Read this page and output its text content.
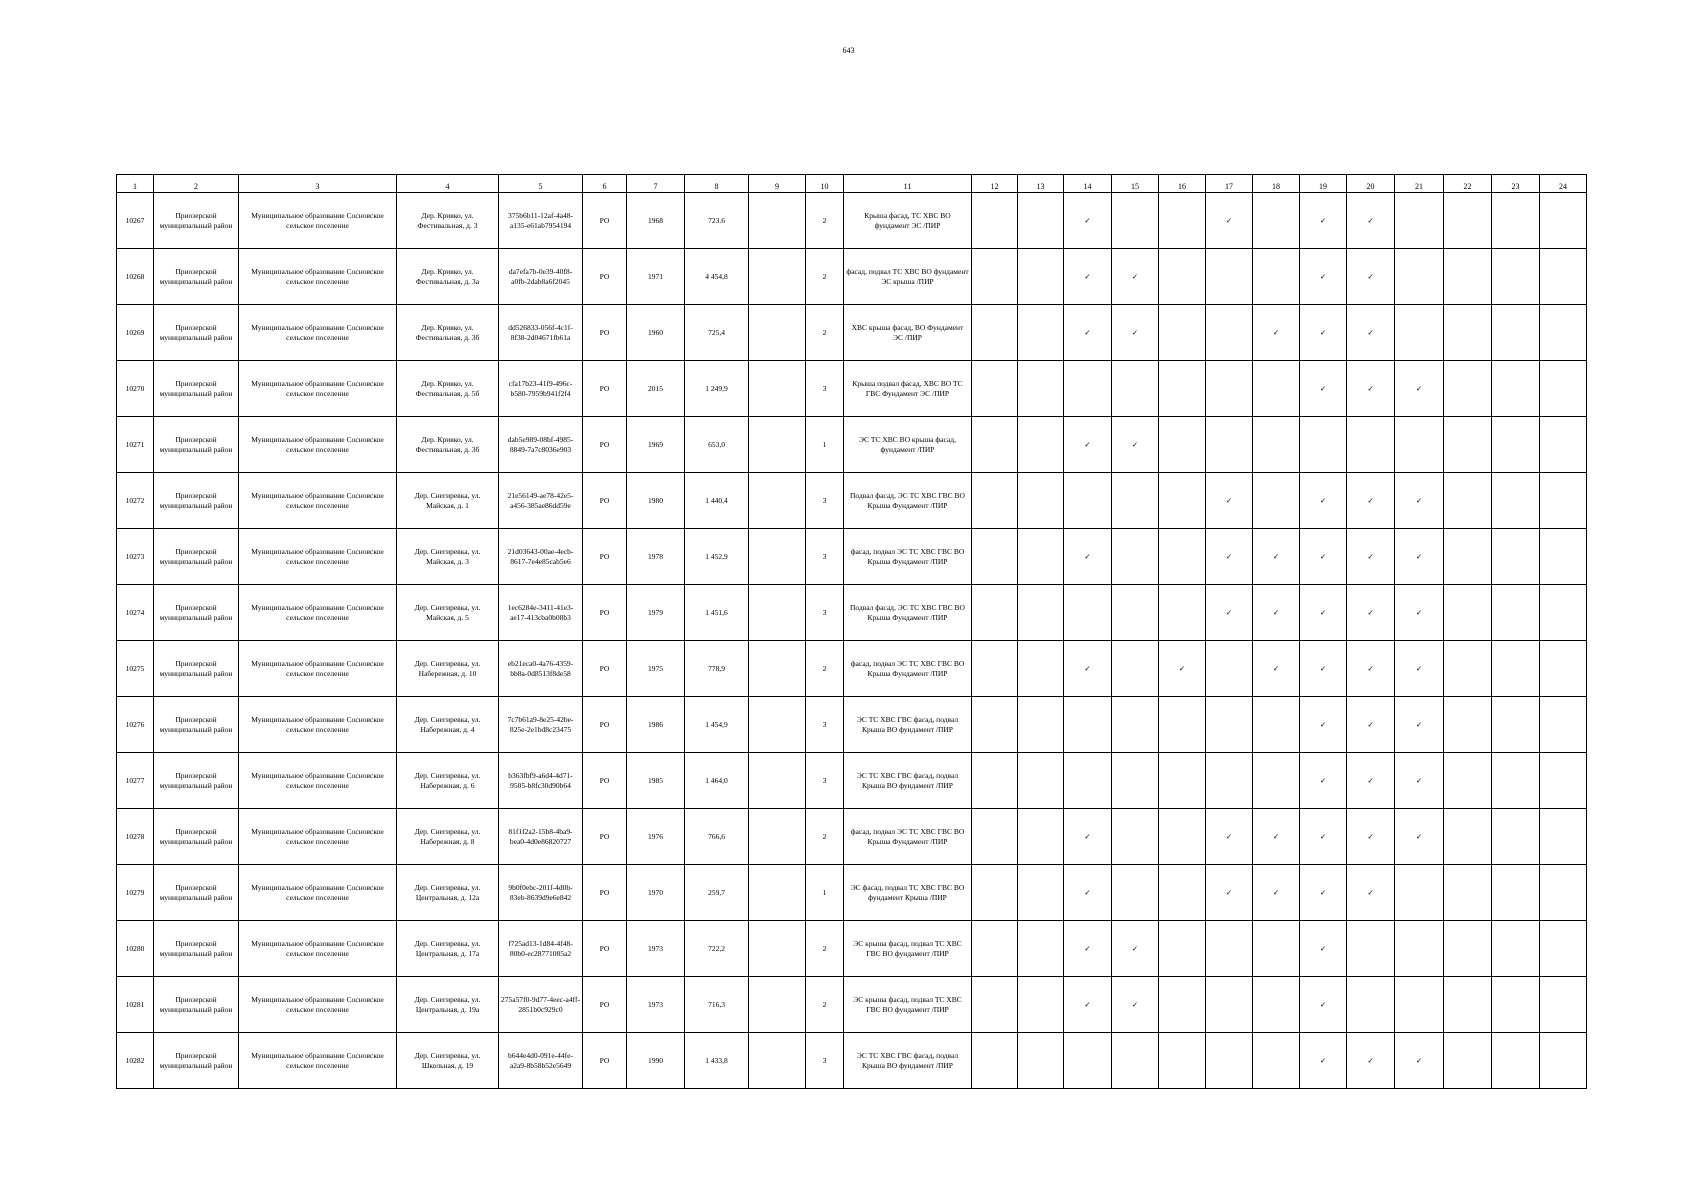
643
1	2	3	4	5	6	7	8	9	10	11	12	13	14	15	16	17	18	19	20	21	22	23	24
10267	Приозерской муниципальный район	Муниципальное образование Сосновское сельское поселение	Дер. Кривко, ул. Фестивальная, д. 3	375b6b11-12af-4a48-a135-e61ab7954194	РО	1968	723.6		2	Крыша фасад, ТС ХВС ВО фундамент ЭС /ПИР			✓			✓		✓	✓				
10268	Приозерской муниципальный район	Муниципальное образование Сосновское сельское поселение	Дер. Кривко, ул. Фестивальная, д. 3а	da7efa7b-0e39-40f8-a0fb-2dab8a6f2045	РО	1971	4 454,8		2	фасад, подвал ТС ХВС ВО фундамент ЭС крыша /ПИР			✓	✓				✓	✓				
10269	Приозерской муниципальный район	Муниципальное образование Сосновское сельское поселение	Дер. Кривко, ул. Фестивальная, д. 3б	dd526833-056f-4c1f-8f38-2d04671fb61a	РО	1960	725,4		2	ХВС крыша фасад, ВО Фундамент ЭС /ПИР			✓	✓			✓	✓	✓				
10270	Приозерской муниципальный район	Муниципальное образование Сосновское сельское поселение	Дер. Кривко, ул. Фестивальная, д. 5б	cfa17b23-41f9-496c-b580-7959b941f2f4	РО	2015	1 249,9		3	Крыша подвал фасад, ХВС ВО ТС ГВС Фундамент ЭС /ПИР								✓	✓	✓			
10271	Приозерской муниципальный район	Муниципальное образование Сосновское сельское поселение	Дер. Кривко, ул. Фестивальная, д. 3б	dab5e989-08bf-4985-8849-7a7c8036e903	РО	1969	653,0		1	ЭС ТС ХВС ВО крыша фасад, фундамент /ПИР			✓	✓									
10272	Приозерской муниципальный район	Муниципальное образование Сосновское сельское поселение	Дер. Снегиревка, ул. Майская, д. 1	21e56149-ae78-42e5-a456-385ae86dd59e	РО	1980	1 440,4		3	Подвал фасад, ЭС ТС ХВС ГВС ВО Крыша Фундамент /ПИР						✓		✓	✓	✓			
10273	Приозерской муниципальный район	Муниципальное образование Сосновское сельское поселение	Дер. Снегиревка, ул. Майская, д. 3	21d03643-00ae-4ecb-8617-7e4e85cab5e6	РО	1978	1 452,9		3	фасад, подвал ЭС ТС ХВС ГВС ВО Крыша Фундамент /ПИР			✓			✓	✓	✓	✓	✓			
10274	Приозерской муниципальный район	Муниципальное образование Сосновское сельское поселение	Дер. Снегиревка, ул. Майская, д. 5	1ec6284e-3411-41e3-ae17-413cba0b08b3	РО	1979	1 451,6		3	Подвал фасад, ЭС ТС ХВС ГВС ВО Крыша Фундамент /ПИР						✓	✓	✓	✓	✓			
10275	Приозерской муниципальный район	Муниципальное образование Сосновское сельское поселение	Дер. Снегиревка, ул. Набережная, д. 10	eb21eca0-4a76-4359-bb8a-0d8513f8de58	РО	1975	778,9		2	фасад, подвал ЭС ТС ХВС ГВС ВО Крыша Фундамент /ПИР			✓		✓		✓	✓	✓	✓			
10276	Приозерской муниципальный район	Муниципальное образование Сосновское сельское поселение	Дер. Снегиревка, ул. Набережная, д. 4	7c7b61a9-8e25-42be-825e-2e1bd8c23475	РО	1986	1 454,9		3	ЭС ТС ХВС ГВС фасад, подвал Крыша ВО фундамент /ПИР								✓	✓	✓			
10277	Приозерской муниципальный район	Муниципальное образование Сосновское сельское поселение	Дер. Снегиревка, ул. Набережная, д. 6	b363fbf9-a6d4-4d71-9505-b8fc30d90b64	РО	1985	1 464,0		3	ЭС ТС ХВС ГВС фасад, подвал Крыша ВО фундамент /ПИР								✓	✓	✓			
10278	Приозерской муниципальный район	Муниципальное образование Сосновское сельское поселение	Дер. Снегиревка, ул. Набережная, д. 8	81f1f2a2-15b8-4ba9-bea0-4d0e86820727	РО	1976	766,6		2	фасад, подвал ЭС ТС ХВС ГВС ВО Крыша Фундамент /ПИР			✓			✓	✓	✓	✓	✓			
10279	Приозерской муниципальный район	Муниципальное образование Сосновское сельское поселение	Дер. Снегиревка, ул. Центральная, д. 12а	9b0f0ebc-201f-4d0b-83eb-8639d9e6e842	РО	1970	259,7		1	ЭС фасад, подвал ТС ХВС ГВС ВО фундамент Крыша /ПИР			✓			✓	✓	✓	✓				
10280	Приозерской муниципальный район	Муниципальное образование Сосновское сельское поселение	Дер. Снегиревка, ул. Центральная, д. 17а	f725ad13-1d84-4f48-80b0-ec28771085a2	РО	1973	722,2		2	ЭС крыша фасад, подвал ТС ХВС ГВС ВО фундамент /ПИР			✓	✓				✓					
10281	Приозерской муниципальный район	Муниципальное образование Сосновское сельское поселение	Дер. Снегиревка, ул. Центральная, д. 19а	275a57f0-9d77-4eec-a4ff-2851b0c929c0	РО	1973	716,3		2	ЭС крыша фасад, подвал ТС ХВС ГВС ВО фундамент /ПИР			✓	✓				✓					
10282	Приозерской муниципальный район	Муниципальное образование Сосновское сельское поселение	Дер. Снегиревка, ул. Школьная, д. 19	b644e4d0-091e-44fe-a2a9-8b58b52e5649	РО	1990	1 433,8		3	ЭС ТС ХВС ГВС фасад, подвал Крыша ВО фундамент /ПИР								✓	✓	✓			
